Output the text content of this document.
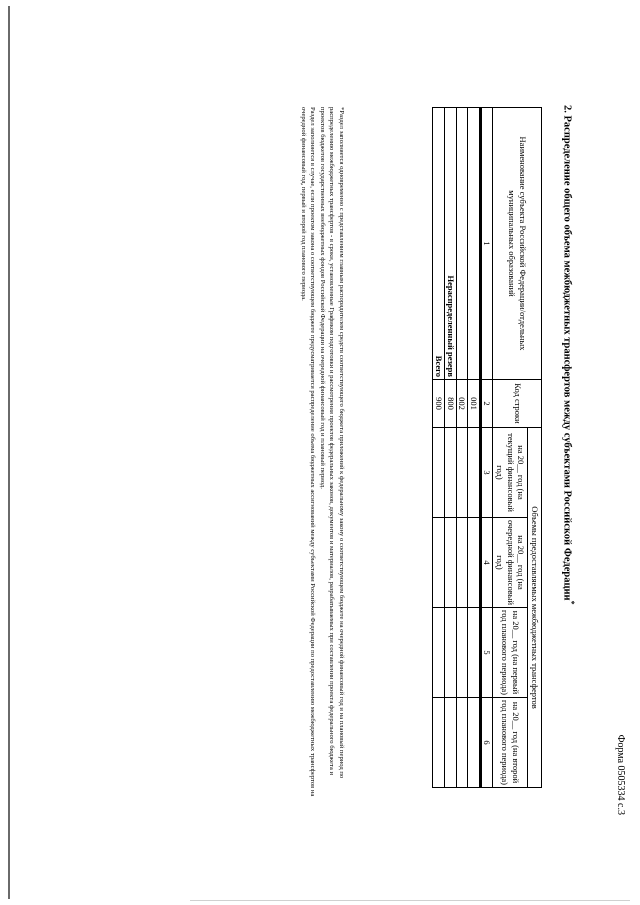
Форма 0505334 с.3
2. Распределение общего объема межбюджетных трансфертов между субъектами Российской Федерации*
Наименование субъекта Российской Федерации/отдельных муниципальных образований	Код строки	Объемы предоставляемых межбюджетных трансфертов			
		на 20__ год (на текущий финансовый год)	на 20__ год (на очередной финансовый год)	на 20__ год (на первый год планового периода)	на 20__ год (на второй год планового периода)
1	2	3	4	5	6
	001				
	002				
Нераспределенный резерв	800				
Всего	900				

*Раздел заполняется одновременно с представлением главным распорядителем средств соответствующего бюджета приложений к федеральному закону о соответствующем бюджете на очередной финансовый год и на плановый период по распределению межбюджетных трансфертов - в сроки, установленные Графиком подготовки и рассмотрения проектов федеральных законов, документов и материалов, разрабатываемых при составлении проекта федерального бюджета и проектов бюджетов государственных внебюджетных фондов Российской Федерации на очередной финансовый год и плановый период.

Раздел заполняется в случае, если проектом закона о соответствующем бюджете предусматривается распределение объема бюджетных ассигнований между субъектами Российской Федерации по предоставлению межбюджетных трансфертов на очередной финансовый год, первый и второй год планового периода.
